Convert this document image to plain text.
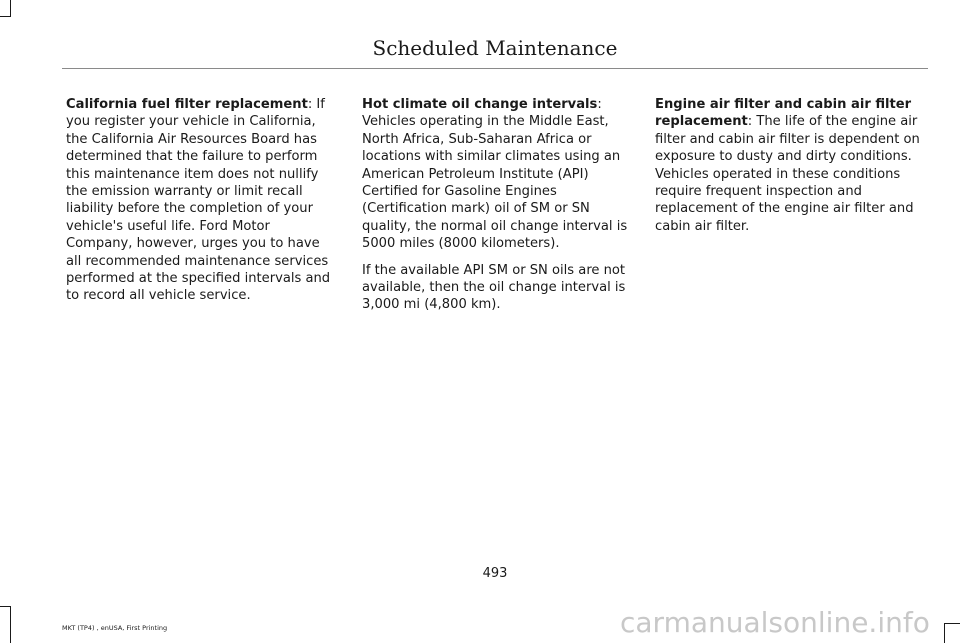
Scheduled Maintenance

California fuel filter replacement: If you register your vehicle in California, the California Air Resources Board has determined that the failure to perform this maintenance item does not nullify the emission warranty or limit recall liability before the completion of your vehicle's useful life. Ford Motor Company, however, urges you to have all recommended maintenance services performed at the specified intervals and to record all vehicle service.

Hot climate oil change intervals: Vehicles operating in the Middle East, North Africa, Sub-Saharan Africa or locations with similar climates using an American Petroleum Institute (API) Certified for Gasoline Engines (Certification mark) oil of SM or SN quality, the normal oil change interval is 5000 miles (8000 kilometers).

If the available API SM or SN oils are not available, then the oil change interval is 3,000 mi (4,800 km).

Engine air filter and cabin air filter replacement: The life of the engine air filter and cabin air filter is dependent on exposure to dusty and dirty conditions. Vehicles operated in these conditions require frequent inspection and replacement of the engine air filter and cabin air filter.

493
MKT (TP4) , enUSA, First Printing	carmanualsonline.info
